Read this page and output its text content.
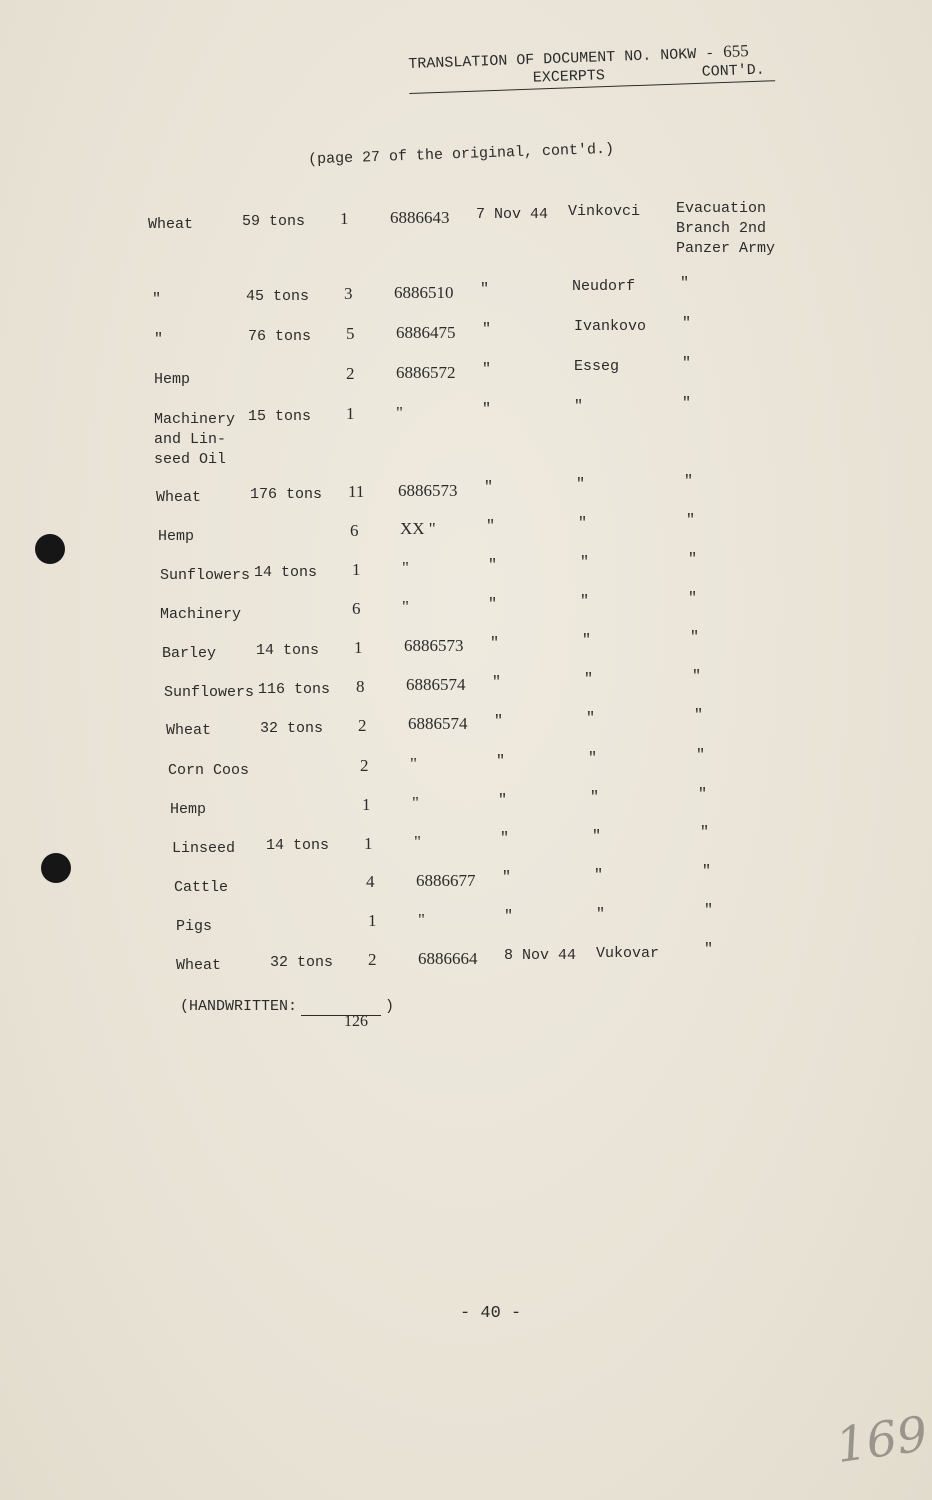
TRANSLATION OF DOCUMENT NO. NOKW - 655
EXCERPTS	CONT'D.
(page 27 of the original, cont'd.)
Wheat	59 tons 1 6886643 7 Nov 44 Vinkovci Evacuation
Branch 2nd
Panzer Army
"	45 tons 3 6886510 "	Neudorf	"
"	76 tons 5 6886475 "	Ivankovo "
Hemp	2 6886572 "	Esseg	"
Machinery
and Lin-
seed Oil
15 tons 1 "	"	"	"
Wheat	176 tons 11 6886573 "	"	"
Hemp	6 XX "	"	"	"
Sunflowers 14 tons 1 "	"	"	"
Machinery	6 "	"	"	"
Barley	14 tons 1 6886573 "	"	"
Sunflowers 116 tons 8 6886574 "	"	"
Wheat	32 tons 2 6886574 "	"	"
Corn Coos	2 "	"	"	"
Hemp	1 "	"	"	"
Linseed 14 tons 1 "	"	"	"
Cattle	4 6886677 "	"	"
Pigs	1 "	"	"	"
Wheat	32 tons 2 6886664 8 Nov 44 Vukovar	"
(HANDWRITTEN:	)
126
- 40 -
169
